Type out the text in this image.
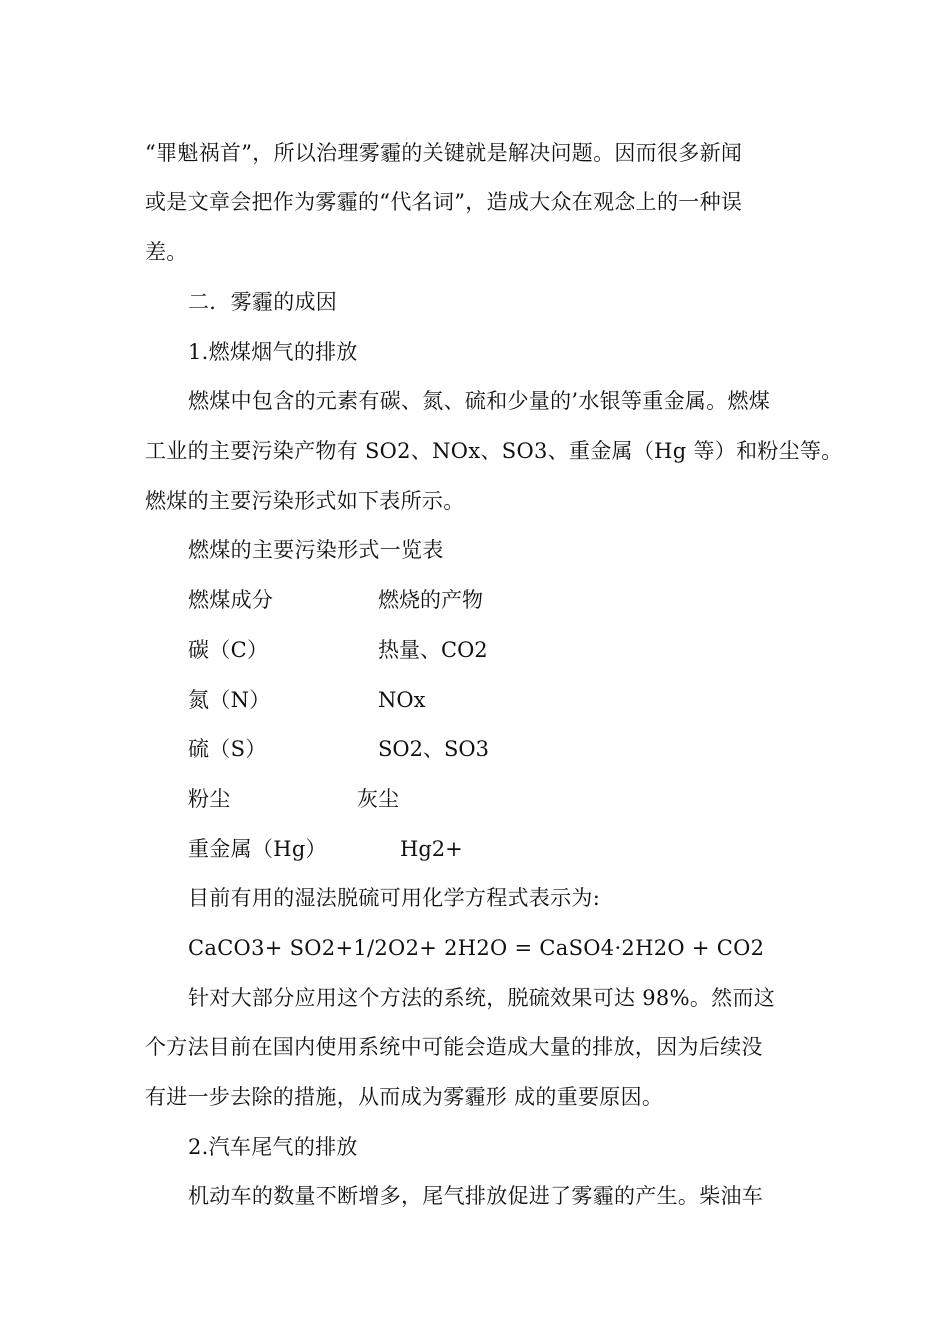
“罪魁祸首”，所以治理雾霾的关键就是解决问题。因而很多新闻
或是文章会把作为雾霾的“代名词”，造成大众在观念上的一种误
差。
二．雾霾的成因
1.燃煤烟气的排放
燃煤中包含的元素有碳、氮、硫和少量的’水银等重金属。燃煤
工业的主要污染产物有 SO2、NOx、SO3、重金属（Hg 等）和粉尘等。
燃煤的主要污染形式如下表所示。
燃煤的主要污染形式一览表
燃煤成分	燃烧的产物
碳（C）	热量、CO2
氮（N）	NOx
硫（S）	SO2、SO3
粉尘	灰尘
重金属（Hg）	Hg2+
目前有用的湿法脱硫可用化学方程式表示为:
CaCO3+ SO2+1/2O2+ 2H2O = CaSO4·2H2O + CO2
针对大部分应用这个方法的系统，脱硫效果可达 98%。然而这
个方法目前在国内使用系统中可能会造成大量的排放，因为后续没
有进一步去除的措施，从而成为雾霾形 成的重要原因。
2.汽车尾气的排放
机动车的数量不断增多，尾气排放促进了雾霾的产生。柴油车
